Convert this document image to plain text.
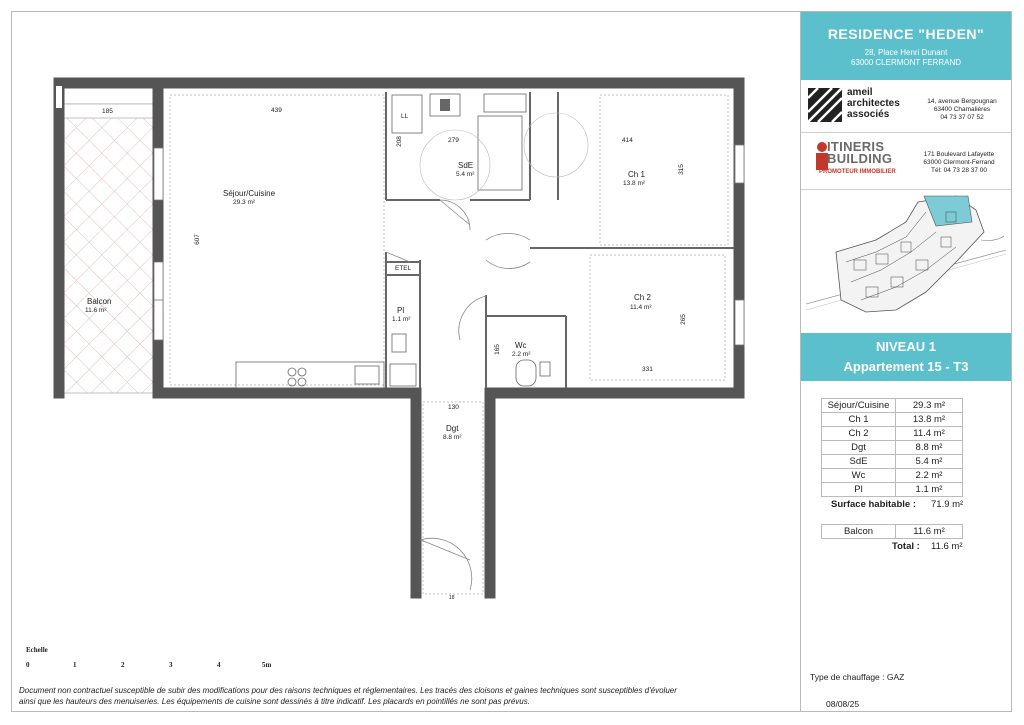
Séjour/Cuisine
29.3 m²
SdE
5.4 m²	Ch 1
13.8 m²
Ch 2
11.4 m²
Pl
1.1 m²
Wc
2.2 m²
Dgt
8.8 m²
Balcon
11.6 m²
ETEL
LL
439
279	414
208
315
607
185
265
331
130
165
18
Echelle
0	1	2	3	4	5m
Document non contractuel susceptible de subir des modifications pour des raisons techniques et réglementaires. Les tracés des cloisons et gaines techniques sont susceptibles d'évoluer
ainsi que les hauteurs des menuiseries. Les équipements de cuisine sont dessinés à titre indicatif. Les placards en pointillés ne sont pas prévus.
RESIDENCE "HEDEN"
28, Place Henri Dunant
63000 CLERMONT FERRAND
ameil
architectes
associés
14, avenue Bergougnan
63400 Chamalières
04 73 37 07 52
ITINERIS
BUILDING
PROMOTEUR IMMOBILIER
171 Boulevard Lafayette
63000 Clermont-Ferrand
Tél: 04 73 28 37 00
NIVEAU 1
Appartement 15 - T3
Séjour/Cuisine	29.3 m²
Ch 1	13.8 m²
Ch 2	11.4 m²
Dgt	8.8 m²
SdE	5.4 m²
Wc	2.2 m²
Pl	1.1 m²
Surface habitable : 71.9 m²
Balcon	11.6 m²
Total : 11.6 m²
Type de chauffage : GAZ
08/08/25
